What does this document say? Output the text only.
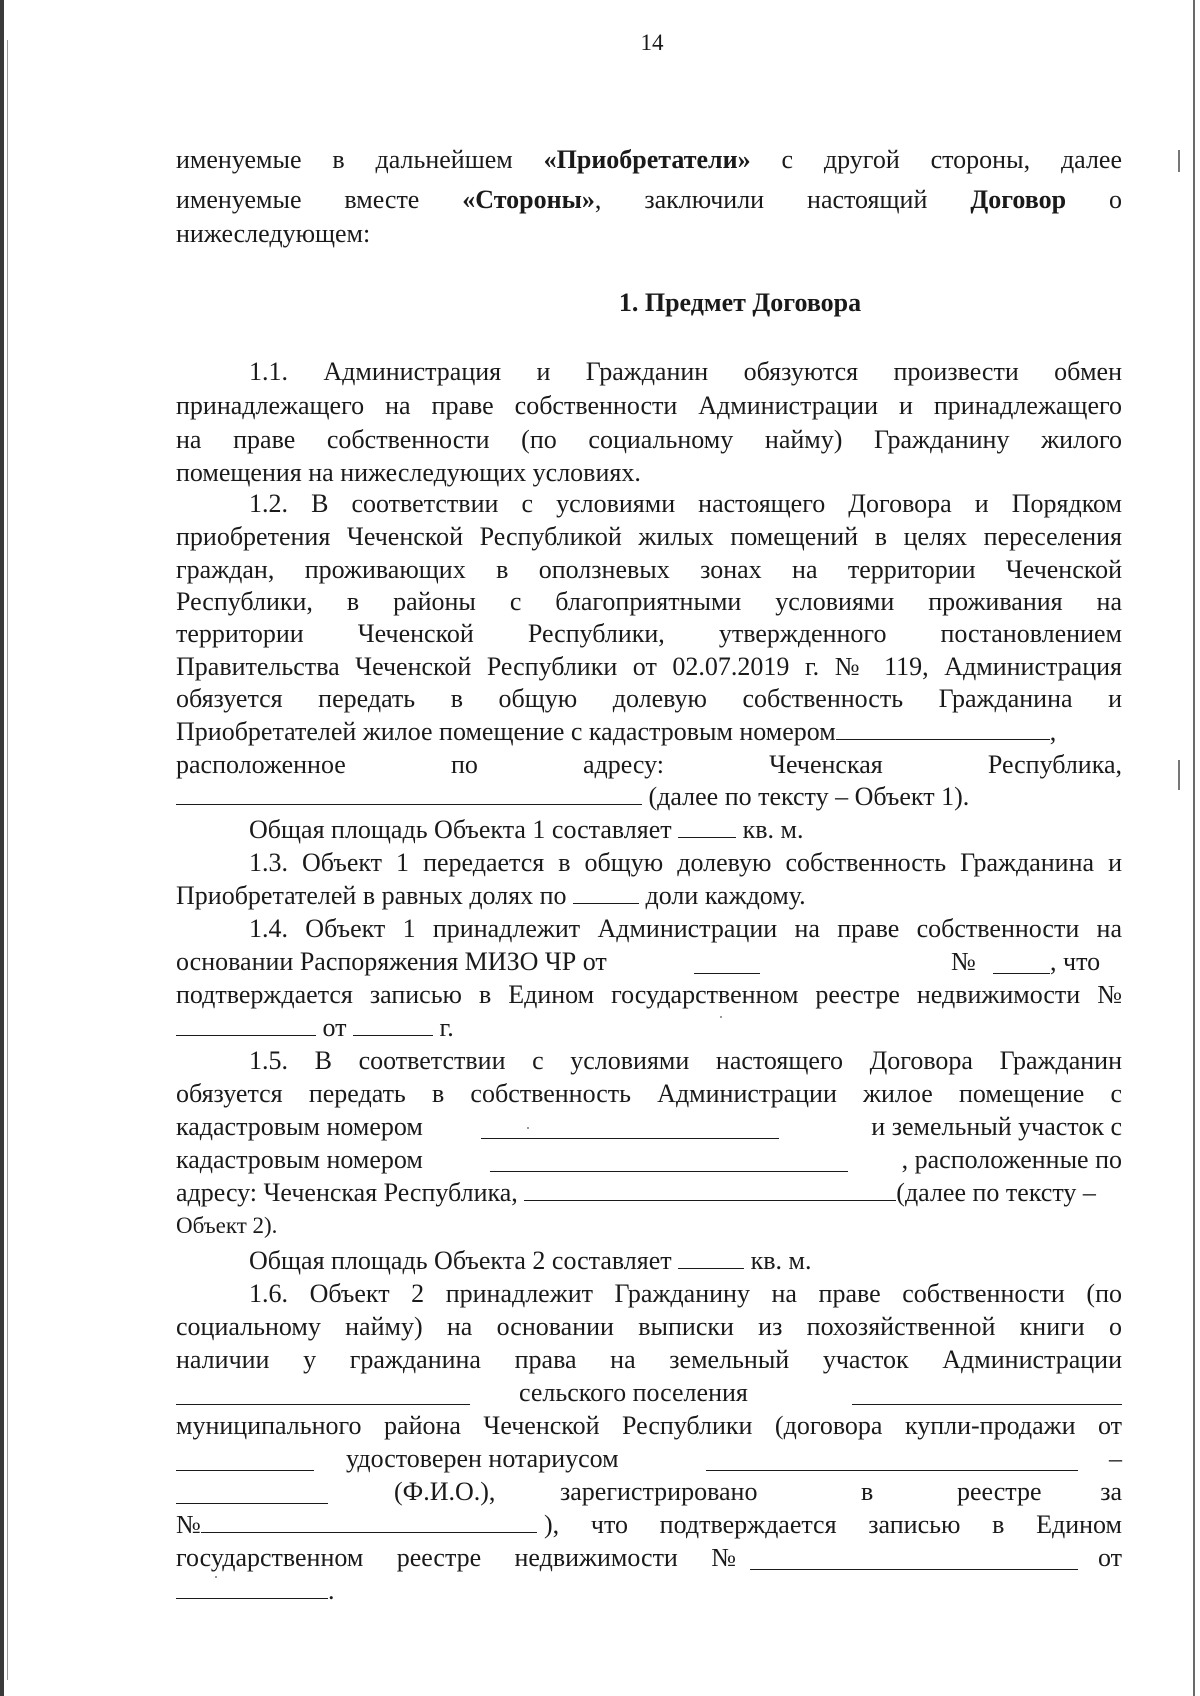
14

именуемые в дальнейшем «Приобретатели» с другой стороны, далее

именуемые вместе «Стороны», заключили настоящий Договор о

нижеследующем:

1. Предмет Договора

1.1. Администрация и Гражданин обязуются произвести обмен

принадлежащего на праве собственности Администрации и принадлежащего

на праве собственности (по социальному найму) Гражданину жилого

помещения на нижеследующих условиях.

1.2. В соответствии с условиями настоящего Договора и Порядком

приобретения Чеченской Республикой жилых помещений в целях переселения

граждан, проживающих в оползневых зонах на территории Чеченской

Республики, в районы с благоприятными условиями проживания на

территории Чеченской Республики, утвержденного постановлением

Правительства Чеченской Республики от 02.07.2019 г. № 119, Администрация

обязуется передать в общую долевую собственность Гражданина и

Приобретателей жилое помещение с кадастровым номером	,

расположенное по адресу: Чеченская Республика,

(далее по тексту – Объект 1).

Общая площадь Объекта 1 составляет  кв. м.

1.3. Объект 1 передается в общую долевую собственность Гражданина и

Приобретателей в равных долях по	доли каждому.

1.4. Объект 1 принадлежит Администрации на праве собственности на

основании Распоряжения МИЗО ЧР от	№	, что

подтверждается записью в Едином государственном реестре недвижимости №

от	г.

1.5. В соответствии с условиями настоящего Договора Гражданин

обязуется передать в собственность Администрации жилое помещение с

кадастровым номером	и земельный участок с

кадастровым номером	, расположенные по

адресу: Чеченская Республика,	(далее по тексту –

Объект 2).

Общая площадь Объекта 2 составляет	кв. м.

1.6. Объект 2 принадлежит Гражданину на праве собственности (по

социальному найму) на основании выписки из похозяйственной книги о

наличии у гражданина права на земельный участок Администрации

сельского поселения

муниципального района Чеченской Республики (договора купли-продажи от

удостоверен нотариусом	–

(Ф.И.О.), зарегистрировано	в	реестре за

№	), что подтверждается записью в Едином

государственном реестре недвижимости №	от

.
